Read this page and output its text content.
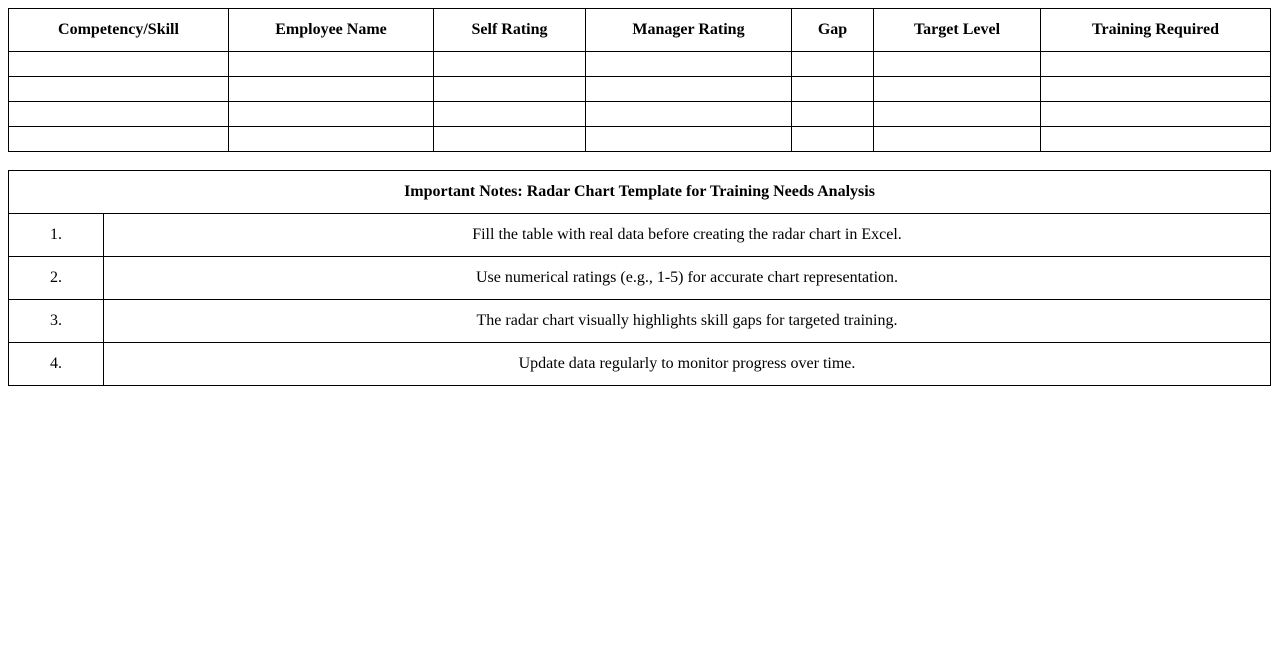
Competency/Skill	Employee Name	Self Rating	Manager Rating	Gap	Target Level	Training Required

Important Notes: Radar Chart Template for Training Needs Analysis	
1.	Fill the table with real data before creating the radar chart in Excel.
2.	Use numerical ratings (e.g., 1-5) for accurate chart representation.
3.	The radar chart visually highlights skill gaps for targeted training.
4.	Update data regularly to monitor progress over time.
